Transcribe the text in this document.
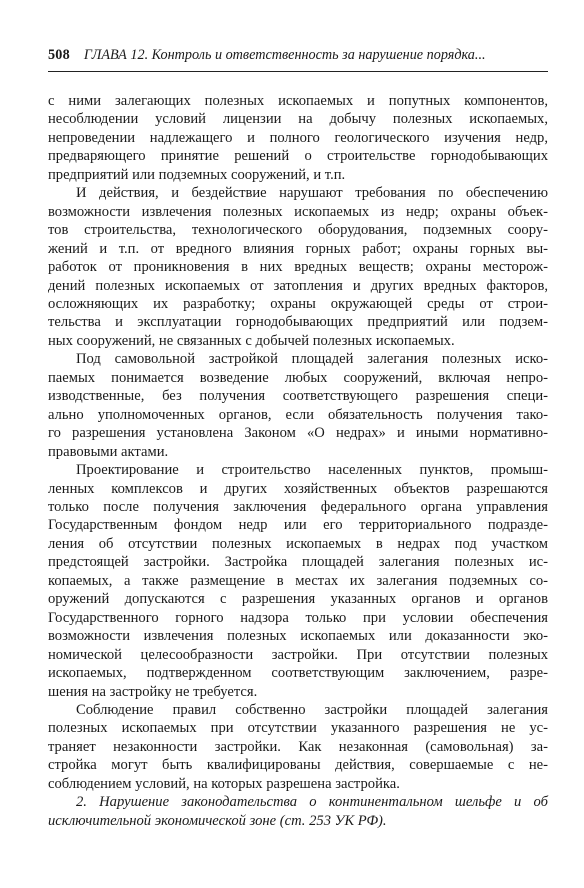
508 ГЛАВА 12. Контроль и ответственность за нарушение порядка...

с ними залегающих полезных ископаемых и попутных компонентов,
несоблюдении условий лицензии на добычу полезных ископаемых,
непроведении надлежащего и полного геологического изучения недр,
предваряющего принятие решений о строительстве горнодобывающих
предприятий или подземных сооружений, и т.п.

И действия, и бездействие нарушают требования по обеспечению
возможности извлечения полезных ископаемых из недр; охраны объек-
тов строительства, технологического оборудования, подземных соору-
жений и т.п. от вредного влияния горных работ; охраны горных вы-
работок от проникновения в них вредных веществ; охраны месторож-
дений полезных ископаемых от затопления и других вредных факторов,
осложняющих их разработку; охраны окружающей среды от строи-
тельства и эксплуатации горнодобывающих предприятий или подзем-
ных сооружений, не связанных с добычей полезных ископаемых.

Под самовольной застройкой площадей залегания полезных иско-
паемых понимается возведение любых сооружений, включая непро-
изводственные, без получения соответствующего разрешения специ-
ально уполномоченных органов, если обязательность получения тако-
го разрешения установлена Законом «О недрах» и иными нормативно-
правовыми актами.

Проектирование и строительство населенных пунктов, промыш-
ленных комплексов и других хозяйственных объектов разрешаются
только после получения заключения федерального органа управления
Государственным фондом недр или его территориального подразде-
ления об отсутствии полезных ископаемых в недрах под участком
предстоящей застройки. Застройка площадей залегания полезных ис-
копаемых, а также размещение в местах их залегания подземных со-
оружений допускаются с разрешения указанных органов и органов
Государственного горного надзора только при условии обеспечения
возможности извлечения полезных ископаемых или доказанности эко-
номической целесообразности застройки. При отсутствии полезных
ископаемых, подтвержденном соответствующим заключением, разре-
шения на застройку не требуется.

Соблюдение правил собственно застройки площадей залегания
полезных ископаемых при отсутствии указанного разрешения не ус-
траняет незаконности застройки. Как незаконная (самовольная) за-
стройка могут быть квалифицированы действия, совершаемые с не-
соблюдением условий, на которых разрешена застройка.

2. Нарушение законодательства о континентальном шельфе и об
исключительной экономической зоне (ст. 253 УК РФ).
